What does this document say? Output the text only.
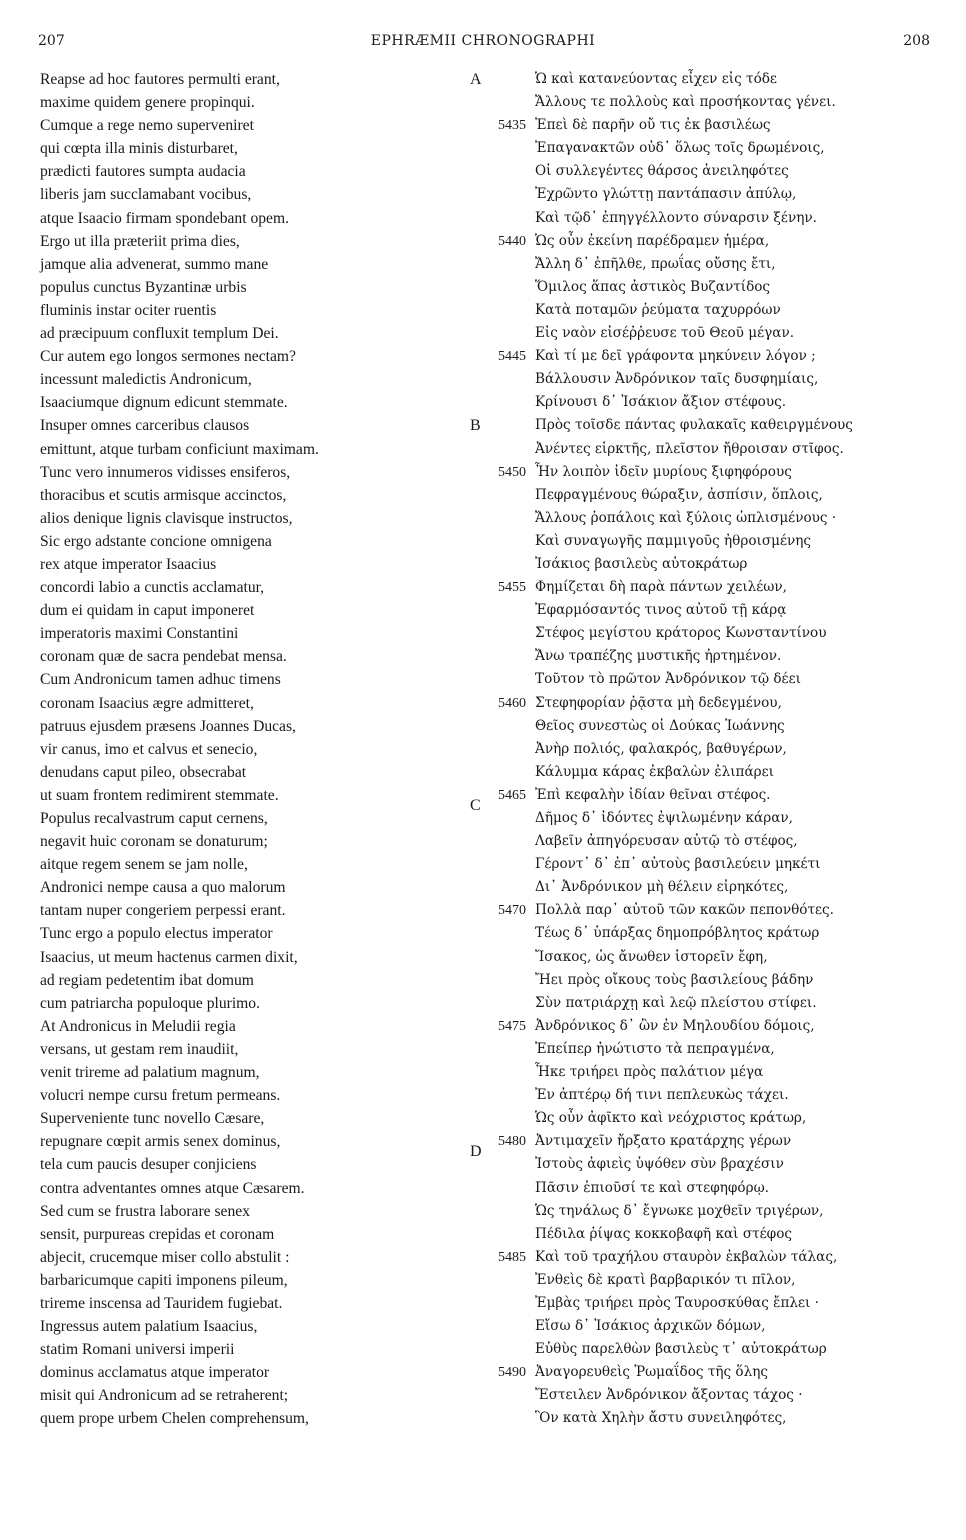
207	EPHRÆMII CHRONOGRAPHI	208
Reapse ad hoc fautores permulti erant,
maxime quidem genere propinqui.
Cumque a rege nemo superveniret
qui cœpta illa minis disturbaret,
prædicti fautores sumpta audacia
liberis jam succlamabant vocibus,
atque Isaacio firmam spondebant opem.
Ergo ut illa præteriit prima dies,
jamque alia advenerat, summo mane
populus cunctus Byzantinæ urbis
fluminis instar ociter ruentis
ad præcipuum confluxit templum Dei.
Cur autem ego longos sermones nectam?
incessunt maledictis Andronicum,
Isaaciumque dignum edicunt stemmate.
Insuper omnes carceribus clausos
emittunt, atque turbam conficiunt maximam.
Tunc vero innumeros vidisses ensiferos,
thoracibus et scutis armisque accinctos,
alios denique lignis clavisque instructos,
Sic ergo adstante concione omnigena
rex atque imperator Isaacius
concordi labio a cunctis acclamatur,
dum ei quidam in caput imponeret
imperatoris maximi Constantini
coronam quæ de sacra pendebat mensa.
Cum Andronicum tamen adhuc timens
coronam Isaacius ægre admitteret,
patruus ejusdem præsens Joannes Ducas,
vir canus, imo et calvus et senecio,
denudans caput pileo, obsecrabat
ut suam frontem redimirent stemmate.
Populus recalvastrum caput cernens,
negavit huic coronam se donaturum;
aitque regem senem se jam nolle,
Andronici nempe causa a quo malorum
tantam nuper congeriem perpessi erant.
Tunc ergo a populo electus imperator
Isaacius, ut meum hactenus carmen dixit,
ad regiam pedetentim ibat domum
cum patriarcha populoque plurimo.
At Andronicus in Meludii regia
versans, ut gestam rem inaudiit,
venit trireme ad palatium magnum,
volucri nempe cursu fretum permeans.
Superveniente tunc novello Cæsare,
repugnare cœpit armis senex dominus,
tela cum paucis desuper conjiciens
contra adventantes omnes atque Cæsarem.
Sed cum se frustra laborare senex
sensit, purpureas crepidas et coronam
abjecit, crucemque miser collo abstulit :
barbaricumque capiti imponens pileum,
trireme inscensa ad Tauridem fugiebat.
Ingressus autem palatium Isaacius,
statim Romani universi imperii
dominus acclamatus atque imperator
misit qui Andronicum ad se retraherent;
quem prope urbem Chelen comprehensum,
A	Ὡ καὶ κατανεύοντας εἶχεν εἰς τόδε
Ἄλλους τε πολλοὺς καὶ προσήκοντας γένει.
5435 Ἐπεὶ δὲ παρῆν οὔ τις ἐκ βασιλέως
Ἐπαγανακτῶν οὐδ᾽ ὅλως τοῖς δρωμένοις,
Οἱ συλλεγέντες θάρσος ἀνειληφότες
Ἐχρῶντο γλώττῃ παντάπασιν ἀπύλῳ,
Καὶ τῷδ᾽ ἐπηγγέλλοντο σύναρσιν ξένην.
5440 Ὡς οὖν ἐκείνη παρέδραμεν ἡμέρα,
Ἄλλη δ᾽ ἐπῆλθε, πρωΐας οὔσης ἔτι,
Ὅμιλος ἅπας ἀστικὸς Βυζαντίδος
Κατὰ ποταμῶν ῥεύματα ταχυρρόων
Εἰς ναὸν εἰσέῤῥευσε τοῦ Θεοῦ μέγαν.
5445 Καὶ τί με δεῖ γράφοντα μηκύνειν λόγον ;
Βάλλουσιν Ἀνδρόνικον ταῖς δυσφημίαις,
Κρίνουσι δ᾽ Ἰσάκιον ἄξιον στέφους.
B	Πρὸς τοῖσδε πάντας φυλακαῖς καθειργμένους
Ἀνέντες εἱρκτῆς, πλεῖστον ἤθροισαν στῖφος.
5450 Ἦν λοιπὸν ἰδεῖν μυρίους ξιφηφόρους
Πεφραγμένους θώραξιν, ἀσπίσιν, ὅπλοις,
Ἄλλους ῥοπάλοις καὶ ξύλοις ὡπλισμένους ·
Καὶ συναγωγῆς παμμιγοῦς ἠθροισμένης
Ἰσάκιος βασιλεὺς αὐτοκράτωρ
5455 Φημίζεται δὴ παρὰ πάντων χειλέων,
Ἐφαρμόσαντός τινος αὐτοῦ τῇ κάρᾳ
Στέφος μεγίστου κράτορος Κωνσταντίνου
Ἄνω τραπέζης μυστικῆς ἠρτημένον.
Τοῦτον τὸ πρῶτον Ἀνδρόνικον τῷ δέει
5460 Στεφηφορίαν ῥᾷστα μὴ δεδεγμένου,
Θεῖος συνεστὼς οἱ Δούκας Ἰωάννης
Ἀνὴρ πολιός, φαλακρός, βαθυγέρων,
Κάλυμμα κάρας ἐκβαλὼν ἐλιπάρει
C
5465 Ἐπὶ κεφαλὴν ἰδίαν θεῖναι στέφος.
Δῆμος δ᾽ ἰδόντες ἐψιλωμένην κάραν,
Λαβεῖν ἀπηγόρευσαν αὐτῷ τὸ στέφος,
Γέροντ᾽ δ᾽ ἐπ᾽ αὐτοὺς βασιλεύειν μηκέτι
Δι᾽ Ἀνδρόνικον μὴ θέλειν εἰρηκότες,
5470 Πολλὰ παρ᾽ αὐτοῦ τῶν κακῶν πεπονθότες.
Τέως δ᾽ ὑπάρξας δημοπρόβλητος κράτωρ
Ἴσακος, ὡς ἄνωθεν ἱστορεῖν ἔφη,
Ἤει πρὸς οἴκους τοὺς βασιλείους βάδην
Σὺν πατριάρχῃ καὶ λεῷ πλείστου στίφει.
5475 Ἀνδρόνικος δ᾽ ὢν ἐν Μηλουδίου δόμοις,
Ἐπείπερ ἠνώτιστο τὰ πεπραγμένα,
Ἧκε τριήρει πρὸς παλάτιον μέγα
Ἐν ἀπτέρῳ δή τινι πεπλευκὼς τάχει.
Ὡς οὖν ἀφῖκτο καὶ νεόχριστος κράτωρ,
D
5480 Ἀντιμαχεῖν ἤρξατο κρατάρχης γέρων
Ἰστοὺς ἀφιεὶς ὑψόθεν σὺν βραχέσιν
Πᾶσιν ἐπιοῦσί τε καὶ στεφηφόρῳ.
Ὡς τηνάλως δ᾽ ἔγνωκε μοχθεῖν τριγέρων,
Πέδιλα ῥίψας κοκκοβαφῆ καὶ στέφος
5485 Καὶ τοῦ τραχήλου σταυρὸν ἐκβαλὼν τάλας,
Ἐνθεὶς δὲ κρατὶ βαρβαρικόν τι πῖλον,
Ἐμβὰς τριήρει πρὸς Ταυροσκύθας ἔπλει ·
Εἴσω δ᾽ Ἰσάκιος ἀρχικῶν δόμων,
Εὐθὺς παρελθὼν βασιλεὺς τ᾽ αὐτοκράτωρ
5490 Ἀναγορευθεὶς Ῥωμαΐδος τῆς ὅλης
Ἔστειλεν Ἀνδρόνικον ἄξοντας τάχος ·
Ὃν κατὰ Χηλὴν ἄστυ συνειληφότες,
